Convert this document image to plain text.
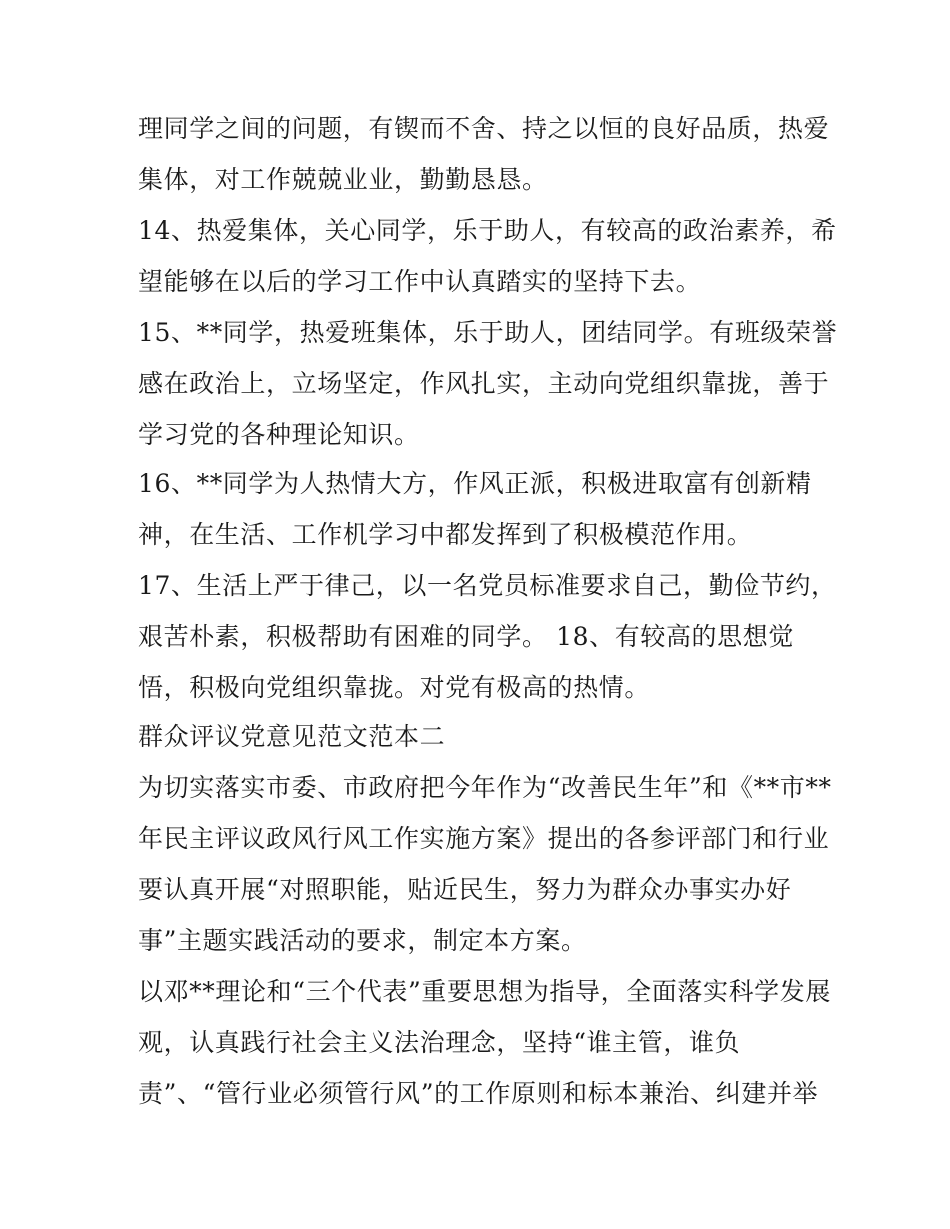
理同学之间的问题，有锲而不舍、持之以恒的良好品质，热爱
集体，对工作兢兢业业，勤勤恳恳。
14、热爱集体，关心同学，乐于助人，有较高的政治素养，希
望能够在以后的学习工作中认真踏实的坚持下去。
15、**同学，热爱班集体，乐于助人，团结同学。有班级荣誉
感在政治上，立场坚定，作风扎实，主动向党组织靠拢，善于
学习党的各种理论知识。
16、**同学为人热情大方，作风正派，积极进取富有创新精
神，在生活、工作机学习中都发挥到了积极模范作用。
17、生活上严于律己，以一名党员标准要求自己，勤俭节约，
艰苦朴素，积极帮助有困难的同学。 18、有较高的思想觉
悟，积极向党组织靠拢。对党有极高的热情。
群众评议党意见范文范本二
为切实落实市委、市政府把今年作为“改善民生年”和《**市**
年民主评议政风行风工作实施方案》提出的各参评部门和行业
要认真开展“对照职能，贴近民生，努力为群众办事实办好
事”主题实践活动的要求，制定本方案。
以邓**理论和“三个代表”重要思想为指导，全面落实科学发展
观，认真践行社会主义法治理念，坚持“谁主管，谁负
责”、“管行业必须管行风”的工作原则和标本兼治、纠建并举
